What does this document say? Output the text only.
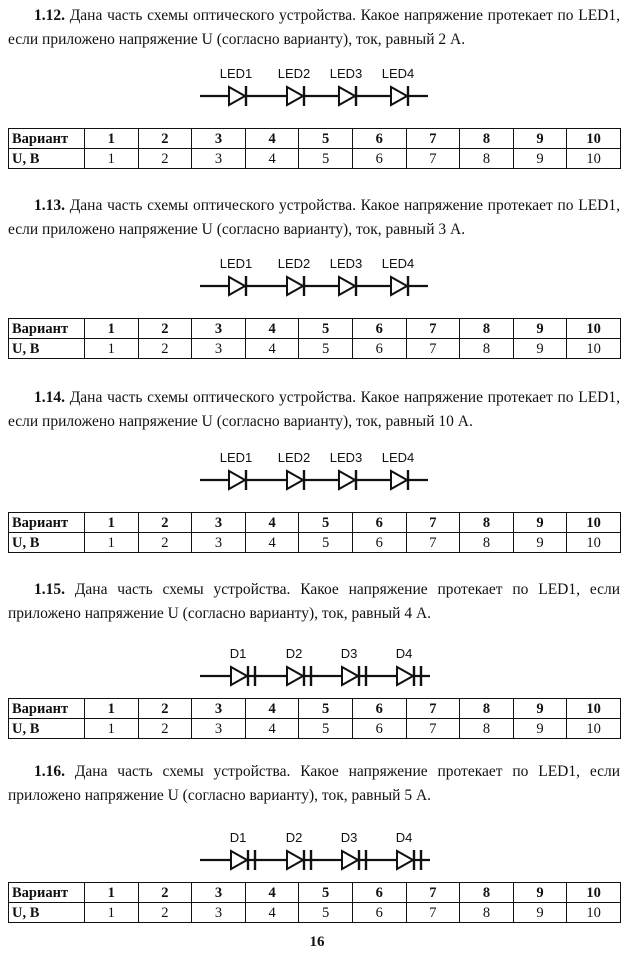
1.12. Дана часть схемы оптического устройства. Какое напряжение протекает по LED1, если приложено напряжение U (согласно варианту), ток, равный 2 А.
LED1 LED2 LED3 LED4
Вариант	1	2	3	4	5	6	7	8	9	10
U, В	1	2	3	4	5	6	7	8	9	10
1.13. Дана часть схемы оптического устройства. Какое напряжение протекает по LED1, если приложено напряжение U (согласно варианту), ток, равный 3 А.
LED1 LED2 LED3 LED4
Вариант	1	2	3	4	5	6	7	8	9	10
U, В	1	2	3	4	5	6	7	8	9	10
1.14. Дана часть схемы оптического устройства. Какое напряжение протекает по LED1, если приложено напряжение U (согласно варианту), ток, равный 10 А.
LED1 LED2 LED3 LED4
Вариант	1	2	3	4	5	6	7	8	9	10
U, В	1	2	3	4	5	6	7	8	9	10
1.15. Дана часть схемы устройства. Какое напряжение протекает по LED1, если приложено напряжение U (согласно варианту), ток, равный 4 А.
D1	D2	D3	D4
Вариант	1	2	3	4	5	6	7	8	9	10
U, В	1	2	3	4	5	6	7	8	9	10
1.16. Дана часть схемы устройства. Какое напряжение протекает по LED1, если приложено напряжение U (согласно варианту), ток, равный 5 А.
D1	D2	D3	D4
Вариант	1	2	3	4	5	6	7	8	9	10
U, В	1	2	3	4	5	6	7	8	9	10
16
